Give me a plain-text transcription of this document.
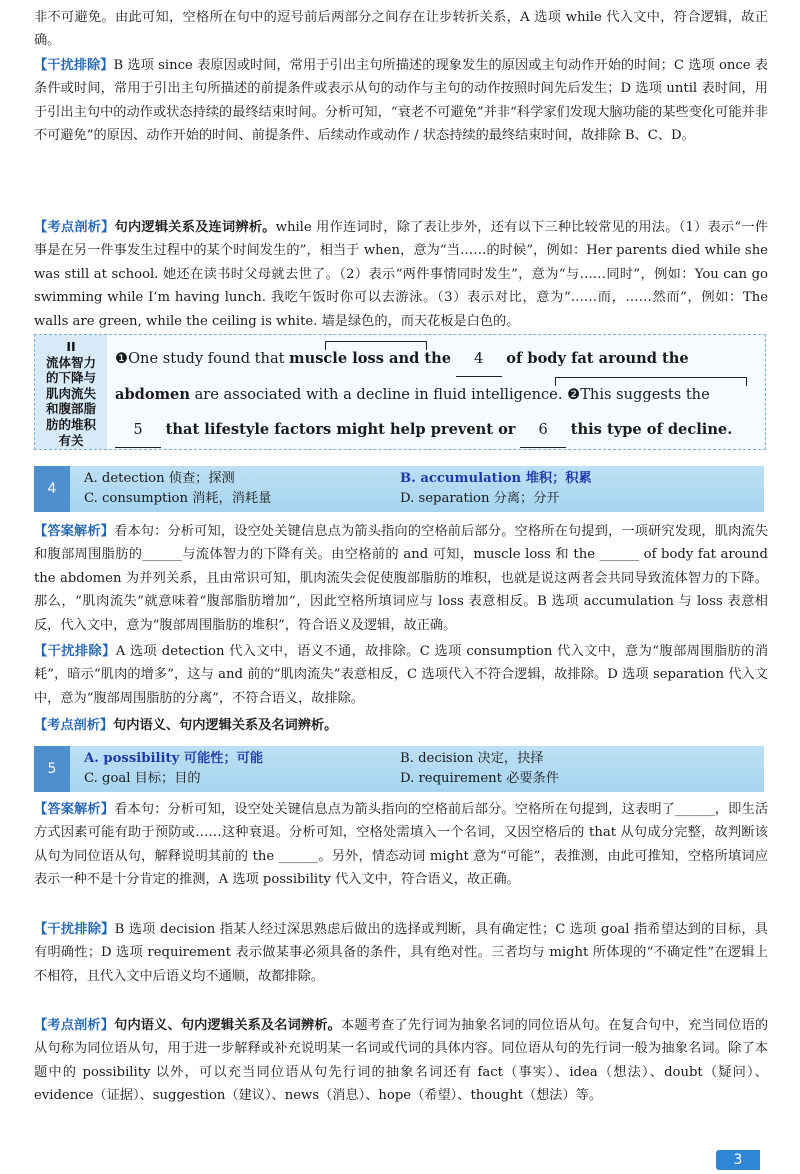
非不可避免。由此可知，空格所在句中的逗号前后两部分之间存在让步转折关系，A 选项 while 代入文中，符合逻辑，故正确。

【干扰排除】B 选项 since 表原因或时间，常用于引出主句所描述的现象发生的原因或主句动作开始的时间；C 选项 once 表条件或时间，常用于引出主句所描述的前提条件或表示从句的动作与主句的动作按照时间先后发生；D 选项 until 表时间，用于引出主句中的动作或状态持续的最终结束时间。分析可知，“衰老不可避免”并非“科学家们发现大脑功能的某些变化可能并非不可避免”的原因、动作开始的时间、前提条件、后续动作或动作 / 状态持续的最终结束时间，故排除 B、C、D。

【考点剖析】句内逻辑关系及连词辨析。while 用作连词时，除了表让步外，还有以下三种比较常见的用法。（1）表示“一件事是在另一件事发生过程中的某个时间发生的”，相当于 when，意为“当……的时候”，例如：Her parents died while she was still at school. 她还在读书时父母就去世了。（2）表示“两件事情同时发生”，意为“与……同时”，例如：You can go swimming while I’m having lunch. 我吃午饭时你可以去游泳。（3）表示对比，意为“……而，……然而”，例如：The walls are green, while the ceiling is white. 墙是绿色的，而天花板是白色的。

II
流体智力的下降与肌肉流失和腹部脂肪的堆积有关
❶One study found that muscle loss and the 4 of body fat around the abdomen are associated with a decline in fluid intelligence. ❷This suggests the 5 that lifestyle factors might help prevent or 6 this type of decline.
4
A. detection 侦查；探测	B. accumulation 堆积；积累
C. consumption 消耗，消耗量	D. separation 分离；分开

【答案解析】看本句：分析可知，设空处关键信息点为箭头指向的空格前后部分。空格所在句提到，一项研究发现，肌肉流失和腹部周围脂肪的______与流体智力的下降有关。由空格前的 and 可知，muscle loss 和 the ______ of body fat around the abdomen 为并列关系，且由常识可知，肌肉流失会促使腹部脂肪的堆积，也就是说这两者会共同导致流体智力的下降。那么，“肌肉流失”就意味着“腹部脂肪增加”，因此空格所填词应与 loss 表意相反。B 选项 accumulation 与 loss 表意相反，代入文中，意为“腹部周围脂肪的堆积”，符合语义及逻辑，故正确。

【干扰排除】A 选项 detection 代入文中，语义不通，故排除。C 选项 consumption 代入文中，意为“腹部周围脂肪的消耗”，暗示“肌肉的增多”，这与 and 前的“肌肉流失”表意相反，C 选项代入不符合逻辑，故排除。D 选项 separation 代入文中，意为“腹部周围脂肪的分离”，不符合语义，故排除。

【考点剖析】句内语义、句内逻辑关系及名词辨析。

5
A. possibility 可能性；可能	B. decision 决定，抉择
C. goal 目标；目的	D. requirement 必要条件

【答案解析】看本句：分析可知，设空处关键信息点为箭头指向的空格前后部分。空格所在句提到，这表明了______，即生活方式因素可能有助于预防或……这种衰退。分析可知，空格处需填入一个名词，又因空格后的 that 从句成分完整，故判断该从句为同位语从句，解释说明其前的 the ______。另外，情态动词 might 意为“可能”，表推测，由此可推知，空格所填词应表示一种不是十分肯定的推测，A 选项 possibility 代入文中，符合语义，故正确。

【干扰排除】B 选项 decision 指某人经过深思熟虑后做出的选择或判断，具有确定性；C 选项 goal 指希望达到的目标，具有明确性；D 选项 requirement 表示做某事必须具备的条件，具有绝对性。三者均与 might 所体现的“不确定性”在逻辑上不相符，且代入文中后语义均不通顺，故都排除。

【考点剖析】句内语义、句内逻辑关系及名词辨析。本题考查了先行词为抽象名词的同位语从句。在复合句中，充当同位语的从句称为同位语从句，用于进一步解释或补充说明某一名词或代词的具体内容。同位语从句的先行词一般为抽象名词。除了本题中的 possibility 以外，可以充当同位语从句先行词的抽象名词还有 fact（事实）、idea（想法）、doubt（疑问）、evidence（证据）、suggestion（建议）、news（消息）、hope（希望）、thought（想法）等。

3
